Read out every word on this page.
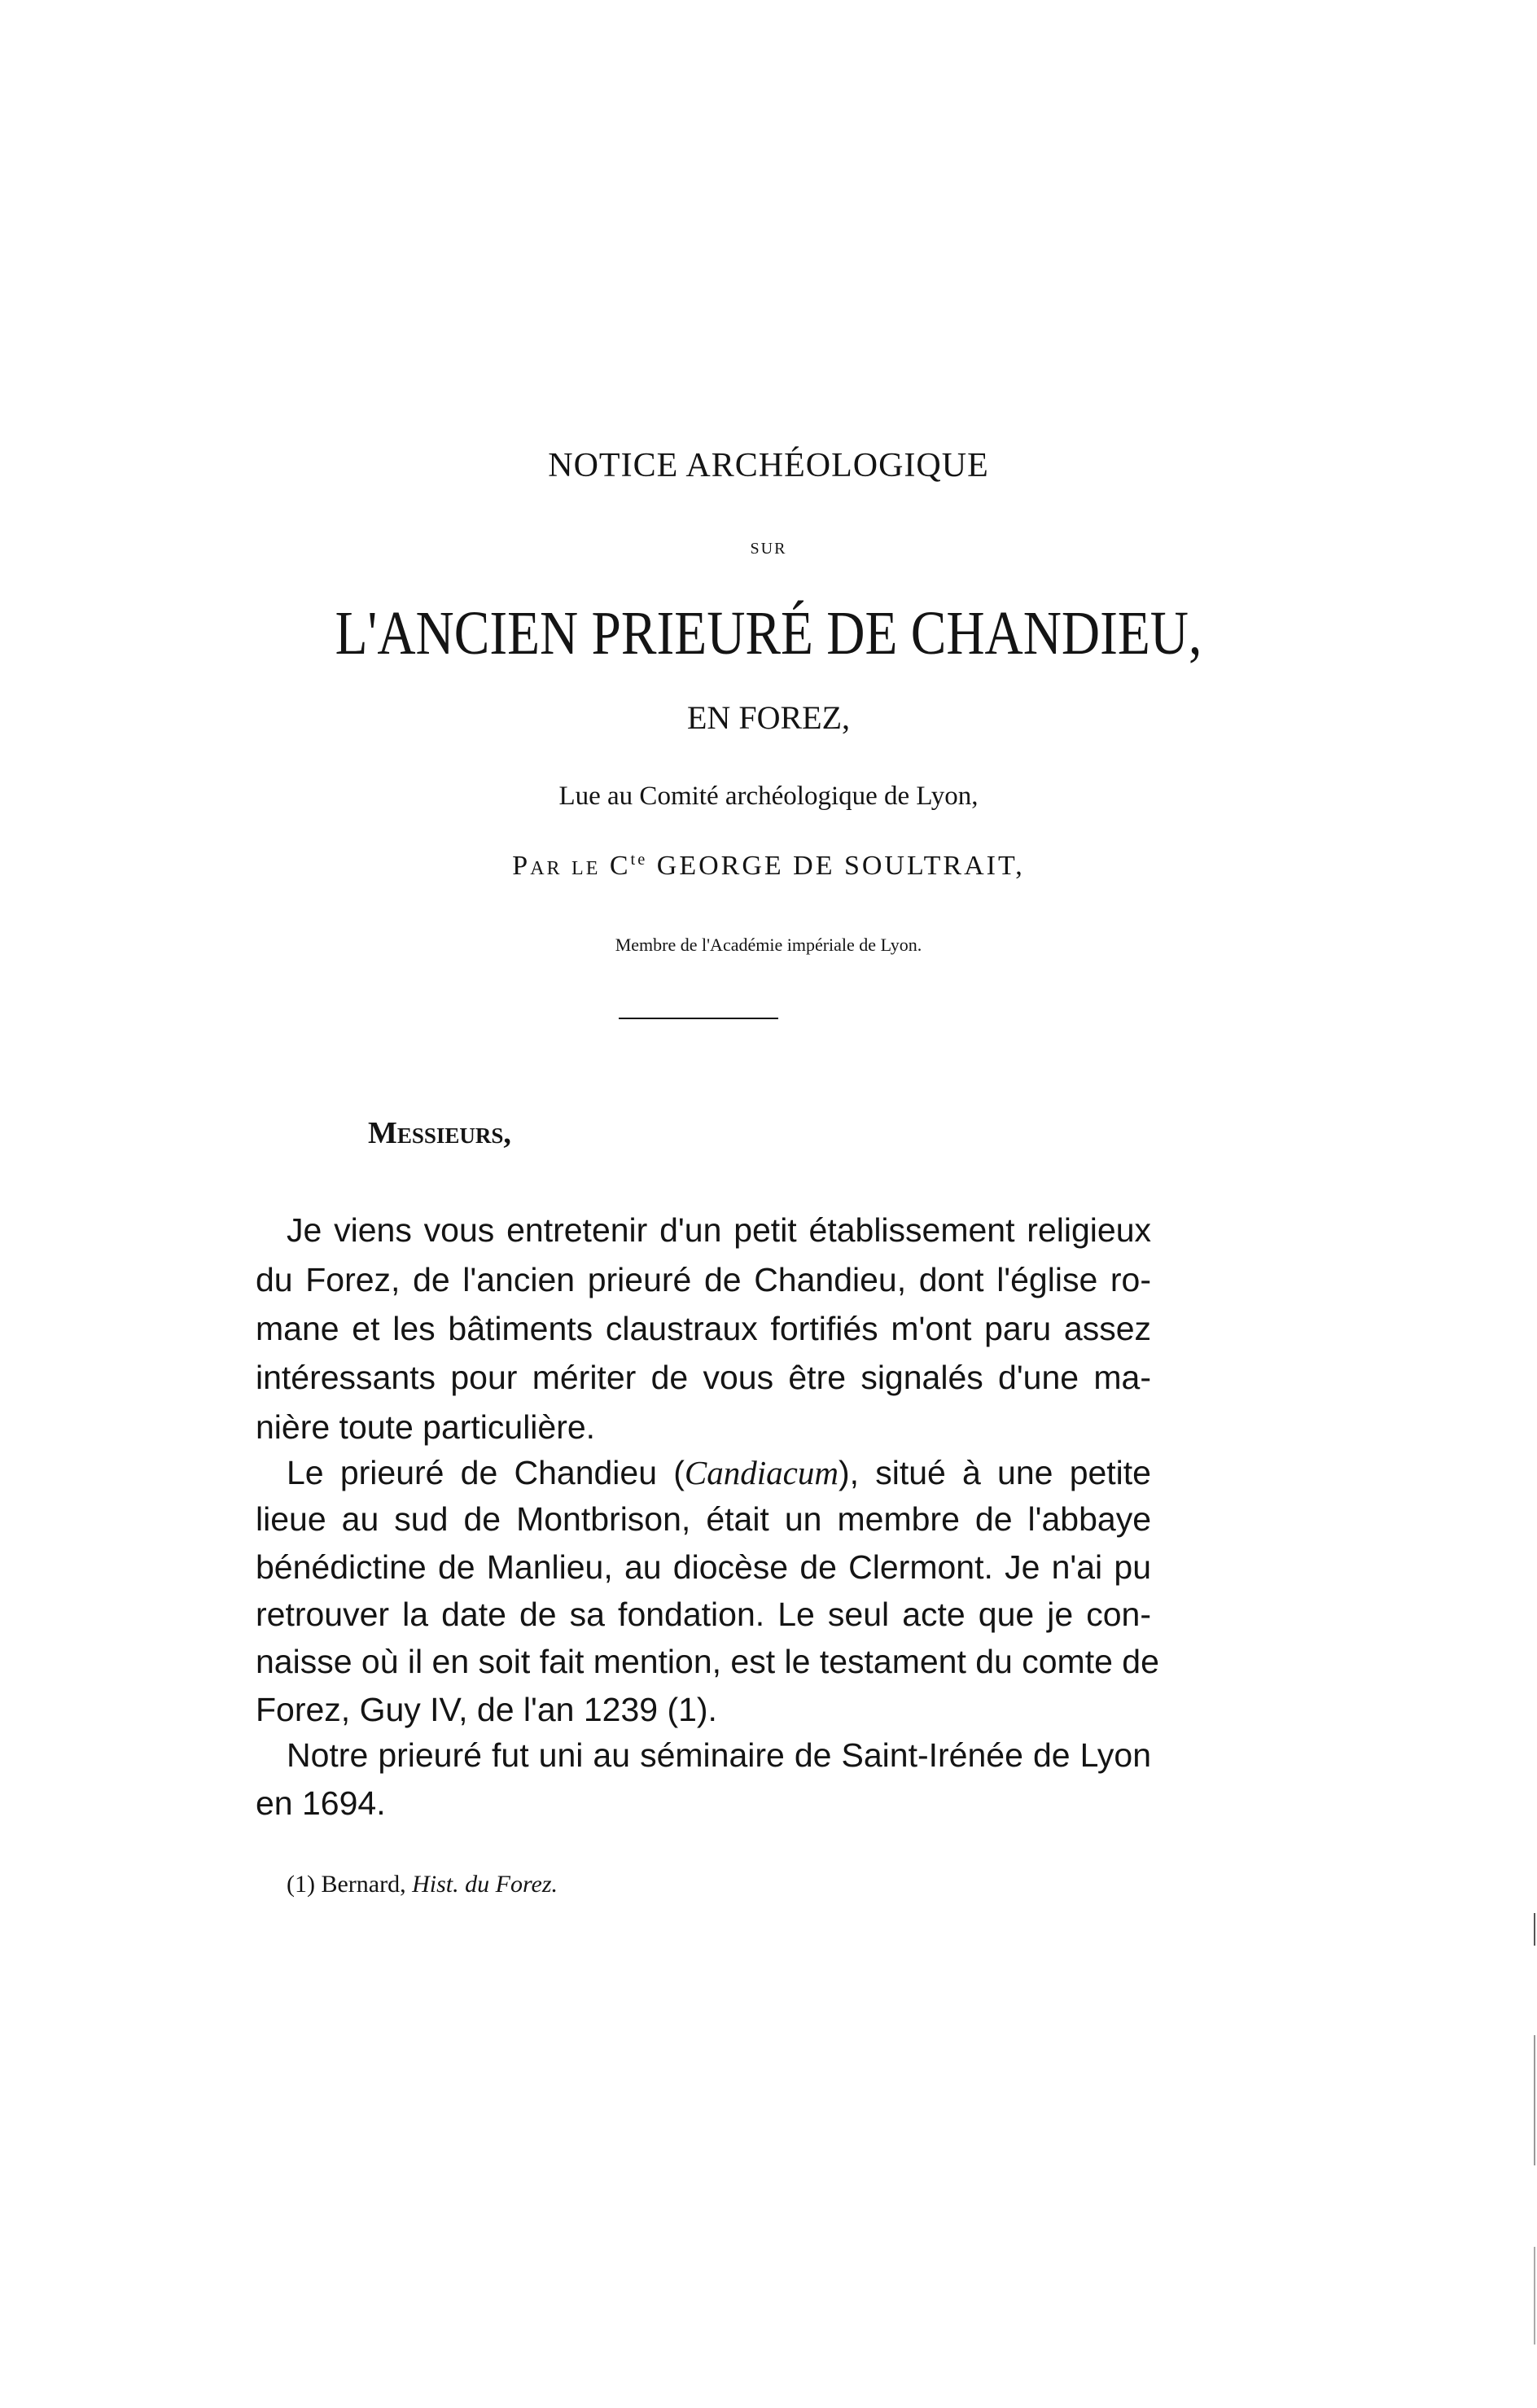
NOTICE ARCHÉOLOGIQUE
SUR
L'ANCIEN PRIEURÉ DE CHANDIEU,
EN FOREZ,
Lue au Comité archéologique de Lyon,
Par le $C^{te}$ GEORGE DE SOULTRAIT,
Membre de l'Académie impériale de Lyon.
Messieurs,
Je viens vous entretenir d'un petit établissement religieux
du Forez, de l'ancien prieuré de Chandieu, dont l'église ro-
mane et les bâtiments claustraux fortifiés m'ont paru assez
intéressants pour mériter de vous être signalés d'une ma-
nière toute particulière.
Le prieuré de Chandieu (Candiacum), situé à une petite
lieue au sud de Montbrison, était un membre de l'abbaye
bénédictine de Manlieu, au diocèse de Clermont. Je n'ai pu
retrouver la date de sa fondation. Le seul acte que je con-
naisse où il en soit fait mention, est le testament du comte de
Forez, Guy IV, de l'an 1239 (1).
Notre prieuré fut uni au séminaire de Saint-Irénée de Lyon
en 1694.
(1) Bernard, Hist. du Forez.
